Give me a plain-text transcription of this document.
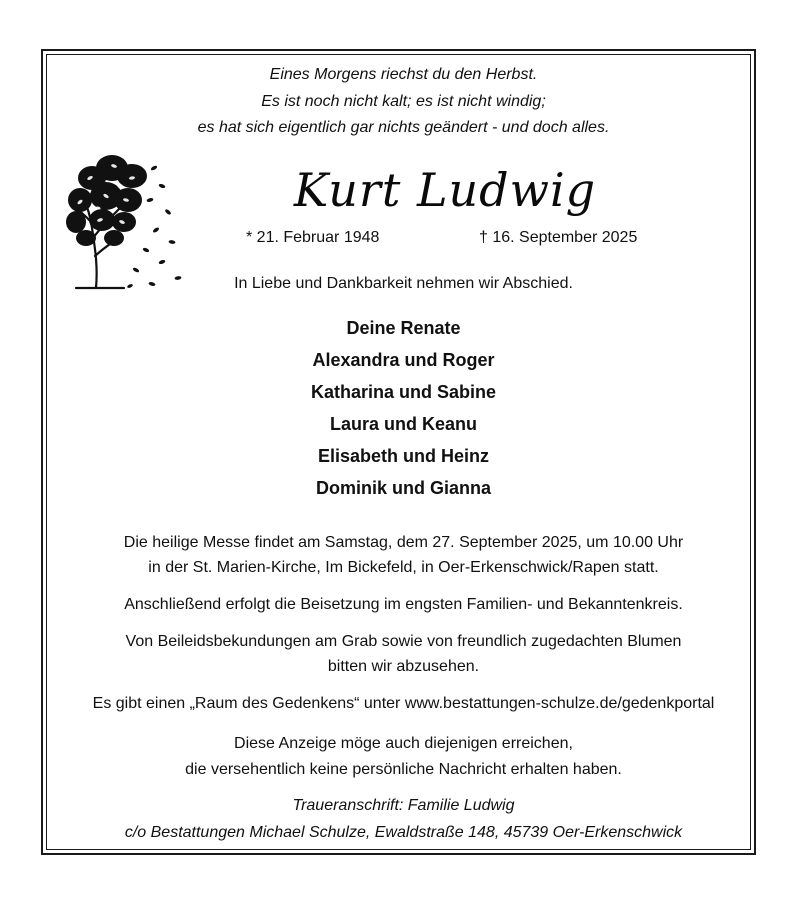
Eines Morgens riechst du den Herbst.
Es ist noch nicht kalt; es ist nicht windig;
es hat sich eigentlich gar nichts geändert - und doch alles.
Kurt Ludwig
* 21. Februar 1948	† 16. September 2025
In Liebe und Dankbarkeit nehmen wir Abschied.
Deine Renate
Alexandra und Roger
Katharina und Sabine
Laura und Keanu
Elisabeth und Heinz
Dominik und Gianna
Die heilige Messe findet am Samstag, dem 27. September 2025, um 10.00 Uhr
in der St. Marien-Kirche, Im Bickefeld, in Oer-Erkenschwick/Rapen statt.
Anschließend erfolgt die Beisetzung im engsten Familien- und Bekanntenkreis.
Von Beileidsbekundungen am Grab sowie von freundlich zugedachten Blumen
bitten wir abzusehen.
Es gibt einen „Raum des Gedenkens“ unter www.bestattungen-schulze.de/gedenkportal
Diese Anzeige möge auch diejenigen erreichen,
die versehentlich keine persönliche Nachricht erhalten haben.
Traueranschrift: Familie Ludwig
c/o Bestattungen Michael Schulze, Ewaldstraße 148, 45739 Oer-Erkenschwick
